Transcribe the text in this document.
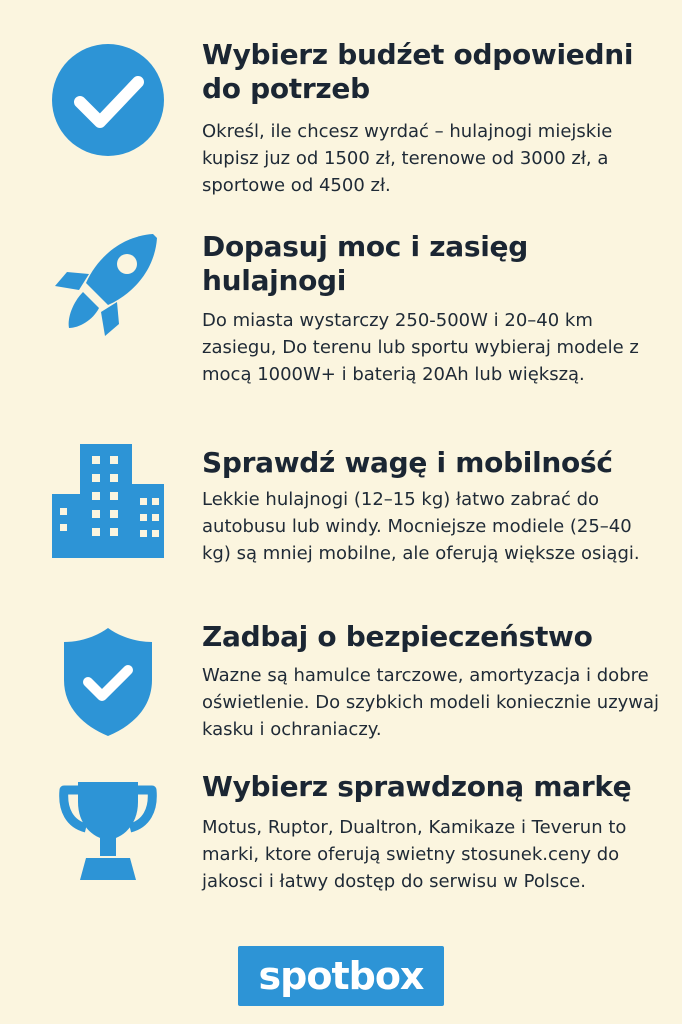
Wybierz budźet odpowiedni do potrzeb

Określ, ile chcesz wyrdać – hulajnogi miejskie kupisz juz od 1500 zł, terenowe od 3000 zł, a sportowe od 4500 zł.

Dopasuj moc i zasięg hulajnogi

Do miasta wystarczy 250-500W i 20–40 km zasiegu, Do terenu lub sportu wybieraj modele z mocą 1000W+ i baterią 20Ah lub większą.

Sprawdź wagę i mobilność

Lekkie hulajnogi (12–15 kg) łatwo zabrać do autobusu lub windy. Mocniejsze modiele (25–40 kg) są mniej mobilne, ale oferują większe osiągi.

Zadbaj o bezpieczeństwo

Wazne są hamulce tarczowe, amortyzacja i dobre oświetlenie. Do szybkich modeli koniecznie uzywaj kasku i ochraniaczy.

Wybierz sprawdzoną markę

Motus, Ruptor, Dualtron, Kamikaze i Teverun to marki, ktore oferują swietny stosunek.ceny do jakosci i łatwy dostęp do serwisu w Polsce.

spotbox
